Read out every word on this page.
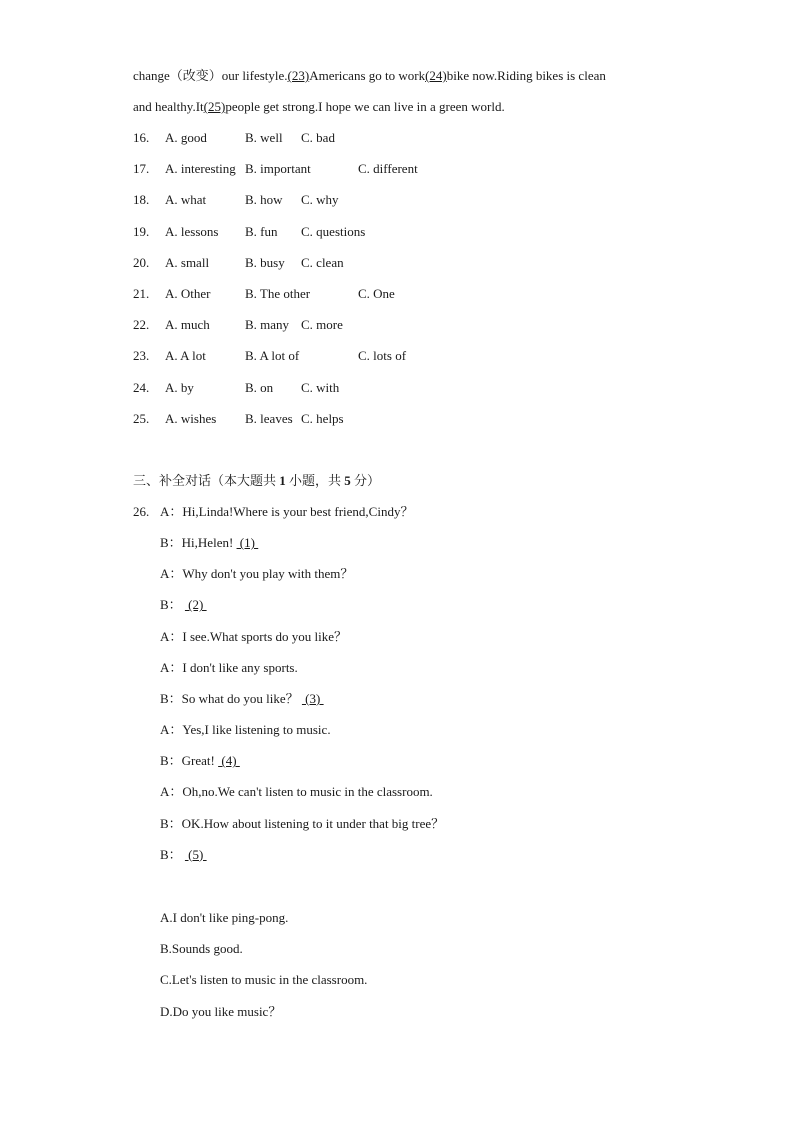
change（改变）our lifestyle.(23)Americans go to work(24)bike now.Riding bikes is clean
and healthy.It(25)people get strong.I hope we can live in a green world.
16. A. good	B. well C. bad
17. A. interesting B. important	C. different
18. A. what	B. how C. why
19. A. lessons B. fun C. questions
20. A. small	B. busy C. clean
21. A. Other	B. The other	C. One
22. A. much	B. many C. more
23. A. A lot	B. A lot of	C. lots of
24. A. by	B. on C. with
25. A. wishes B. leaves C. helps
三、补全对话（本大题共 1 小题，共 5 分）
26. A：Hi,Linda!Where is your best friend,Cindy？
B：Hi,Helen!  (1)
A：Why don't you play with them？
B：  (2)
A：I see.What sports do you like？
A：I don't like any sports.
B：So what do you like？  (3)
A：Yes,I like listening to music.
B：Great!  (4)
A：Oh,no.We can't listen to music in the classroom.
B：OK.How about listening to it under that big tree？
B：  (5)
A.I don't like ping-pong.
B.Sounds good.
C.Let's listen to music in the classroom.
D.Do you like music？
